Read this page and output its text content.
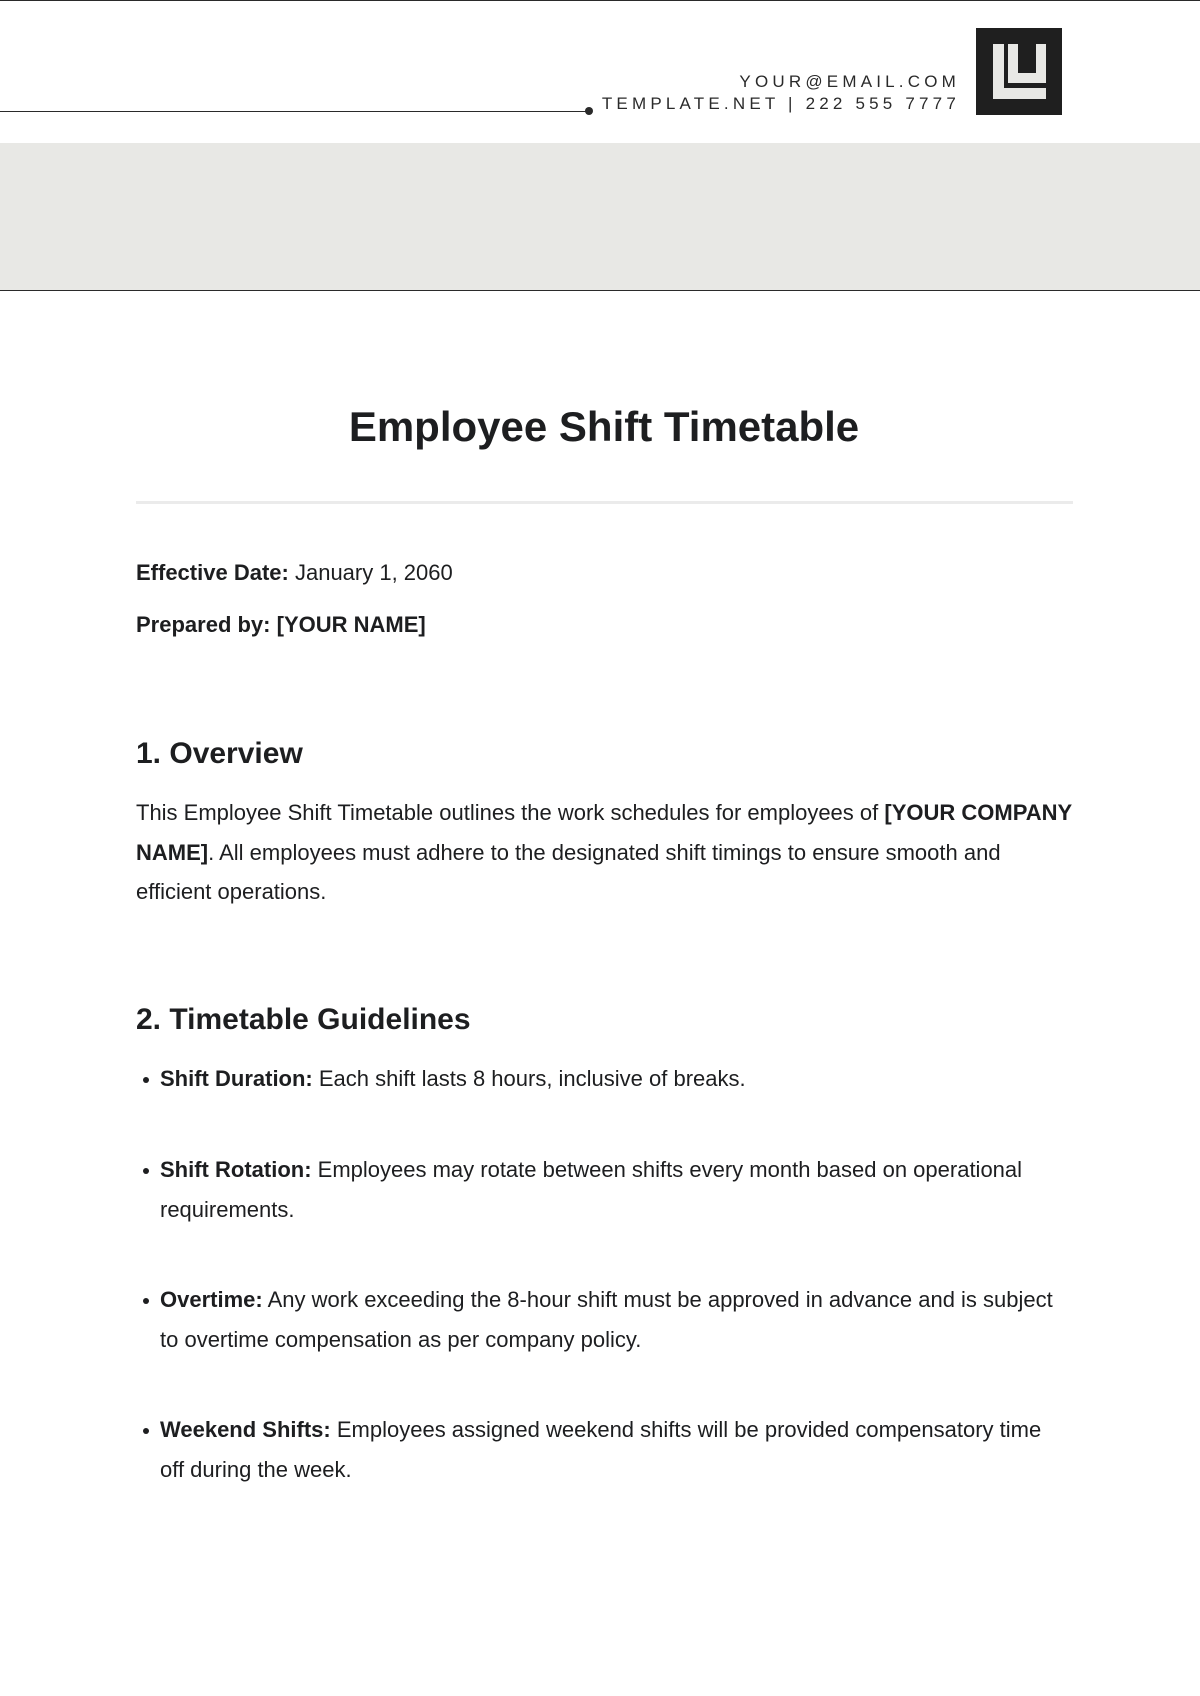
YOUR@EMAIL.COM
TEMPLATE.NET | 222 555 7777
Employee Shift Timetable

Effective Date: January 1, 2060

Prepared by: [YOUR NAME]

1. Overview

This Employee Shift Timetable outlines the work schedules for employees of [YOUR COMPANY NAME]. All employees must adhere to the designated shift timings to ensure smooth and efficient operations.

2. Timetable Guidelines
Shift Duration: Each shift lasts 8 hours, inclusive of breaks.
Shift Rotation: Employees may rotate between shifts every month based on operational requirements.
Overtime: Any work exceeding the 8-hour shift must be approved in advance and is subject to overtime compensation as per company policy.
Weekend Shifts: Employees assigned weekend shifts will be provided compensatory time off during the week.
